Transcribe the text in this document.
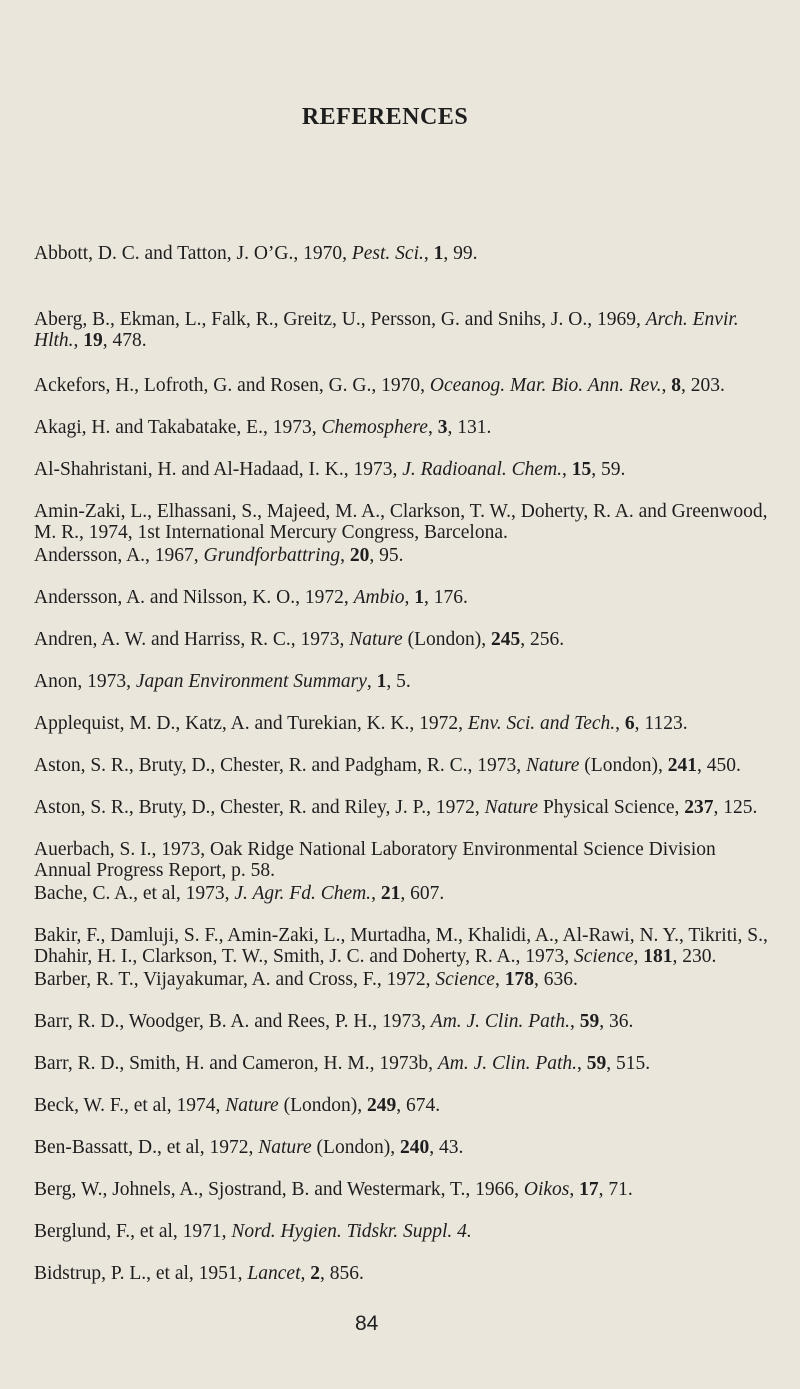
REFERENCES

Abbott, D. C. and Tatton, J. O’G., 1970, Pest. Sci., 1, 99.

Aberg, B., Ekman, L., Falk, R., Greitz, U., Persson, G. and Snihs, J. O., 1969, Arch. Envir. Hlth., 19, 478.

Ackefors, H., Lofroth, G. and Rosen, G. G., 1970, Oceanog. Mar. Bio. Ann. Rev., 8, 203.

Akagi, H. and Takabatake, E., 1973, Chemosphere, 3, 131.

Al-Shahristani, H. and Al-Hadaad, I. K., 1973, J. Radioanal. Chem., 15, 59.

Amin-Zaki, L., Elhassani, S., Majeed, M. A., Clarkson, T. W., Doherty, R. A. and Greenwood, M. R., 1974, 1st International Mercury Congress, Barcelona.

Andersson, A., 1967, Grundforbattring, 20, 95.

Andersson, A. and Nilsson, K. O., 1972, Ambio, 1, 176.

Andren, A. W. and Harriss, R. C., 1973, Nature (London), 245, 256.

Anon, 1973, Japan Environment Summary, 1, 5.

Applequist, M. D., Katz, A. and Turekian, K. K., 1972, Env. Sci. and Tech., 6, 1123.

Aston, S. R., Bruty, D., Chester, R. and Padgham, R. C., 1973, Nature (London), 241, 450.

Aston, S. R., Bruty, D., Chester, R. and Riley, J. P., 1972, Nature Physical Science, 237, 125.

Auerbach, S. I., 1973, Oak Ridge National Laboratory Environmental Science Division Annual Progress Report, p. 58.

Bache, C. A., et al, 1973, J. Agr. Fd. Chem., 21, 607.

Bakir, F., Damluji, S. F., Amin-Zaki, L., Murtadha, M., Khalidi, A., Al-Rawi, N. Y., Tikriti, S., Dhahir, H. I., Clarkson, T. W., Smith, J. C. and Doherty, R. A., 1973, Science, 181, 230.

Barber, R. T., Vijayakumar, A. and Cross, F., 1972, Science, 178, 636.

Barr, R. D., Woodger, B. A. and Rees, P. H., 1973, Am. J. Clin. Path., 59, 36.

Barr, R. D., Smith, H. and Cameron, H. M., 1973b, Am. J. Clin. Path., 59, 515.

Beck, W. F., et al, 1974, Nature (London), 249, 674.

Ben-Bassatt, D., et al, 1972, Nature (London), 240, 43.

Berg, W., Johnels, A., Sjostrand, B. and Westermark, T., 1966, Oikos, 17, 71.

Berglund, F., et al, 1971, Nord. Hygien. Tidskr. Suppl. 4.

Bidstrup, P. L., et al, 1951, Lancet, 2, 856.

84
